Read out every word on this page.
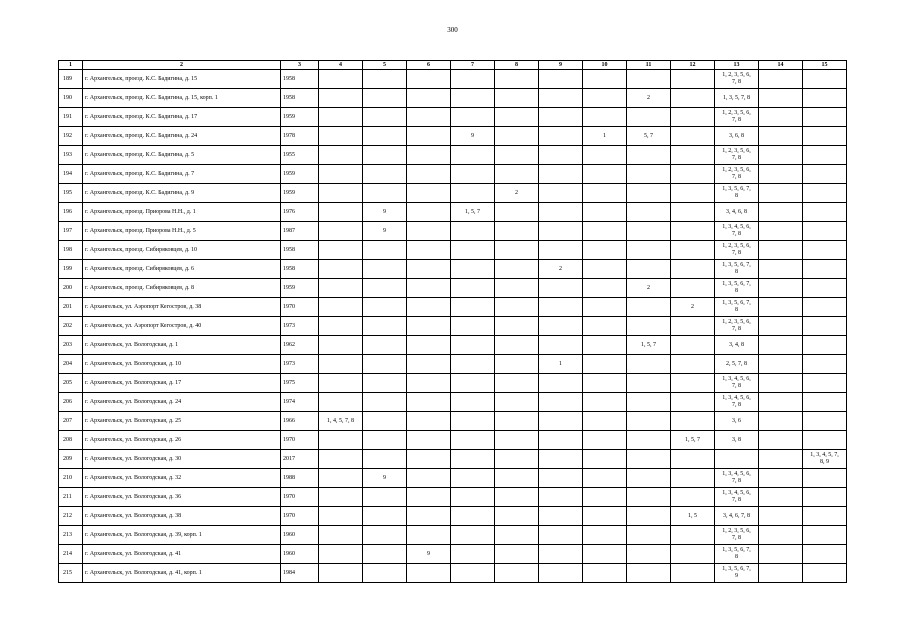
300
1	2	3	4	5	6	7	8	9	10	11	12	13	14	15
189	г. Архангельск, проезд. К.С. Бадигина, д. 15	1958										1, 2, 3, 5, 6, 7, 8		

190	г. Архангельск, проезд. К.С. Бадигина, д. 15, корп. 1	1958								2		1, 3, 5, 7, 8		

191	г. Архангельск, проезд. К.С. Бадигина, д. 17	1959										1, 2, 3, 5, 6, 7, 8		

192	г. Архангельск, проезд. К.С. Бадигина, д. 24	1978				9			1	5, 7		3, 6, 8		

193	г. Архангельск, проезд. К.С. Бадигина, д. 5	1955										1, 2, 3, 5, 6, 7, 8		

194	г. Архангельск, проезд. К.С. Бадигина, д. 7	1959										1, 2, 3, 5, 6, 7, 8		

195	г. Архангельск, проезд. К.С. Бадигина, д. 9	1959					2					1, 3, 5, 6, 7, 8		

196	г. Архангельск, проезд. Приорова Н.Н., д. 1	1976		9		1, 5, 7						3, 4, 6, 8		

197	г. Архангельск, проезд. Приорова Н.Н., д. 5	1987		9								1, 3, 4, 5, 6, 7, 8		

198	г. Архангельск, проезд. Сибиряковцев, д. 10	1958										1, 2, 3, 5, 6, 7, 8		

199	г. Архангельск, проезд. Сибиряковцев, д. 6	1958						2				1, 3, 5, 6, 7, 8		

200	г. Архангельск, проезд. Сибиряковцев, д. 8	1959								2		1, 3, 5, 6, 7, 8		

201	г. Архангельск, ул. Аэропорт Кегостров, д. 38	1970									2	1, 3, 5, 6, 7, 8		

202	г. Архангельск, ул. Аэропорт Кегостров, д. 40	1973										1, 2, 3, 5, 6, 7, 8		

203	г. Архангельск, ул. Вологодская, д. 1	1962								1, 5, 7		3, 4, 8		

204	г. Архангельск, ул. Вологодская, д. 10	1973						1				2, 5, 7, 8		

205	г. Архангельск, ул. Вологодская, д. 17	1975										1, 3, 4, 5, 6, 7, 8		

206	г. Архангельск, ул. Вологодская, д. 24	1974										1, 3, 4, 5, 6, 7, 8		

207	г. Архангельск, ул. Вологодская, д. 25	1966	1, 4, 5, 7, 8									3, 6		

208	г. Архангельск, ул. Вологодская, д. 26	1970									1, 5, 7	3, 8		

209	г. Архангельск, ул. Вологодская, д. 30	2017												1, 3, 4, 5, 7, 8, 9

210	г. Архангельск, ул. Вологодская, д. 32	1988		9								1, 3, 4, 5, 6, 7, 8		

211	г. Архангельск, ул. Вологодская, д. 36	1970										1, 3, 4, 5, 6, 7, 8		

212	г. Архангельск, ул. Вологодская, д. 38	1970									1, 5	3, 4, 6, 7, 8		

213	г. Архангельск, ул. Вологодская, д. 39, корп. 1	1960										1, 2, 3, 5, 6, 7, 8		

214	г. Архангельск, ул. Вологодская, д. 41	1960			9							1, 3, 5, 6, 7, 8		

215	г. Архангельск, ул. Вологодская, д. 41, корп. 1	1984										1, 3, 5, 6, 7, 9		
